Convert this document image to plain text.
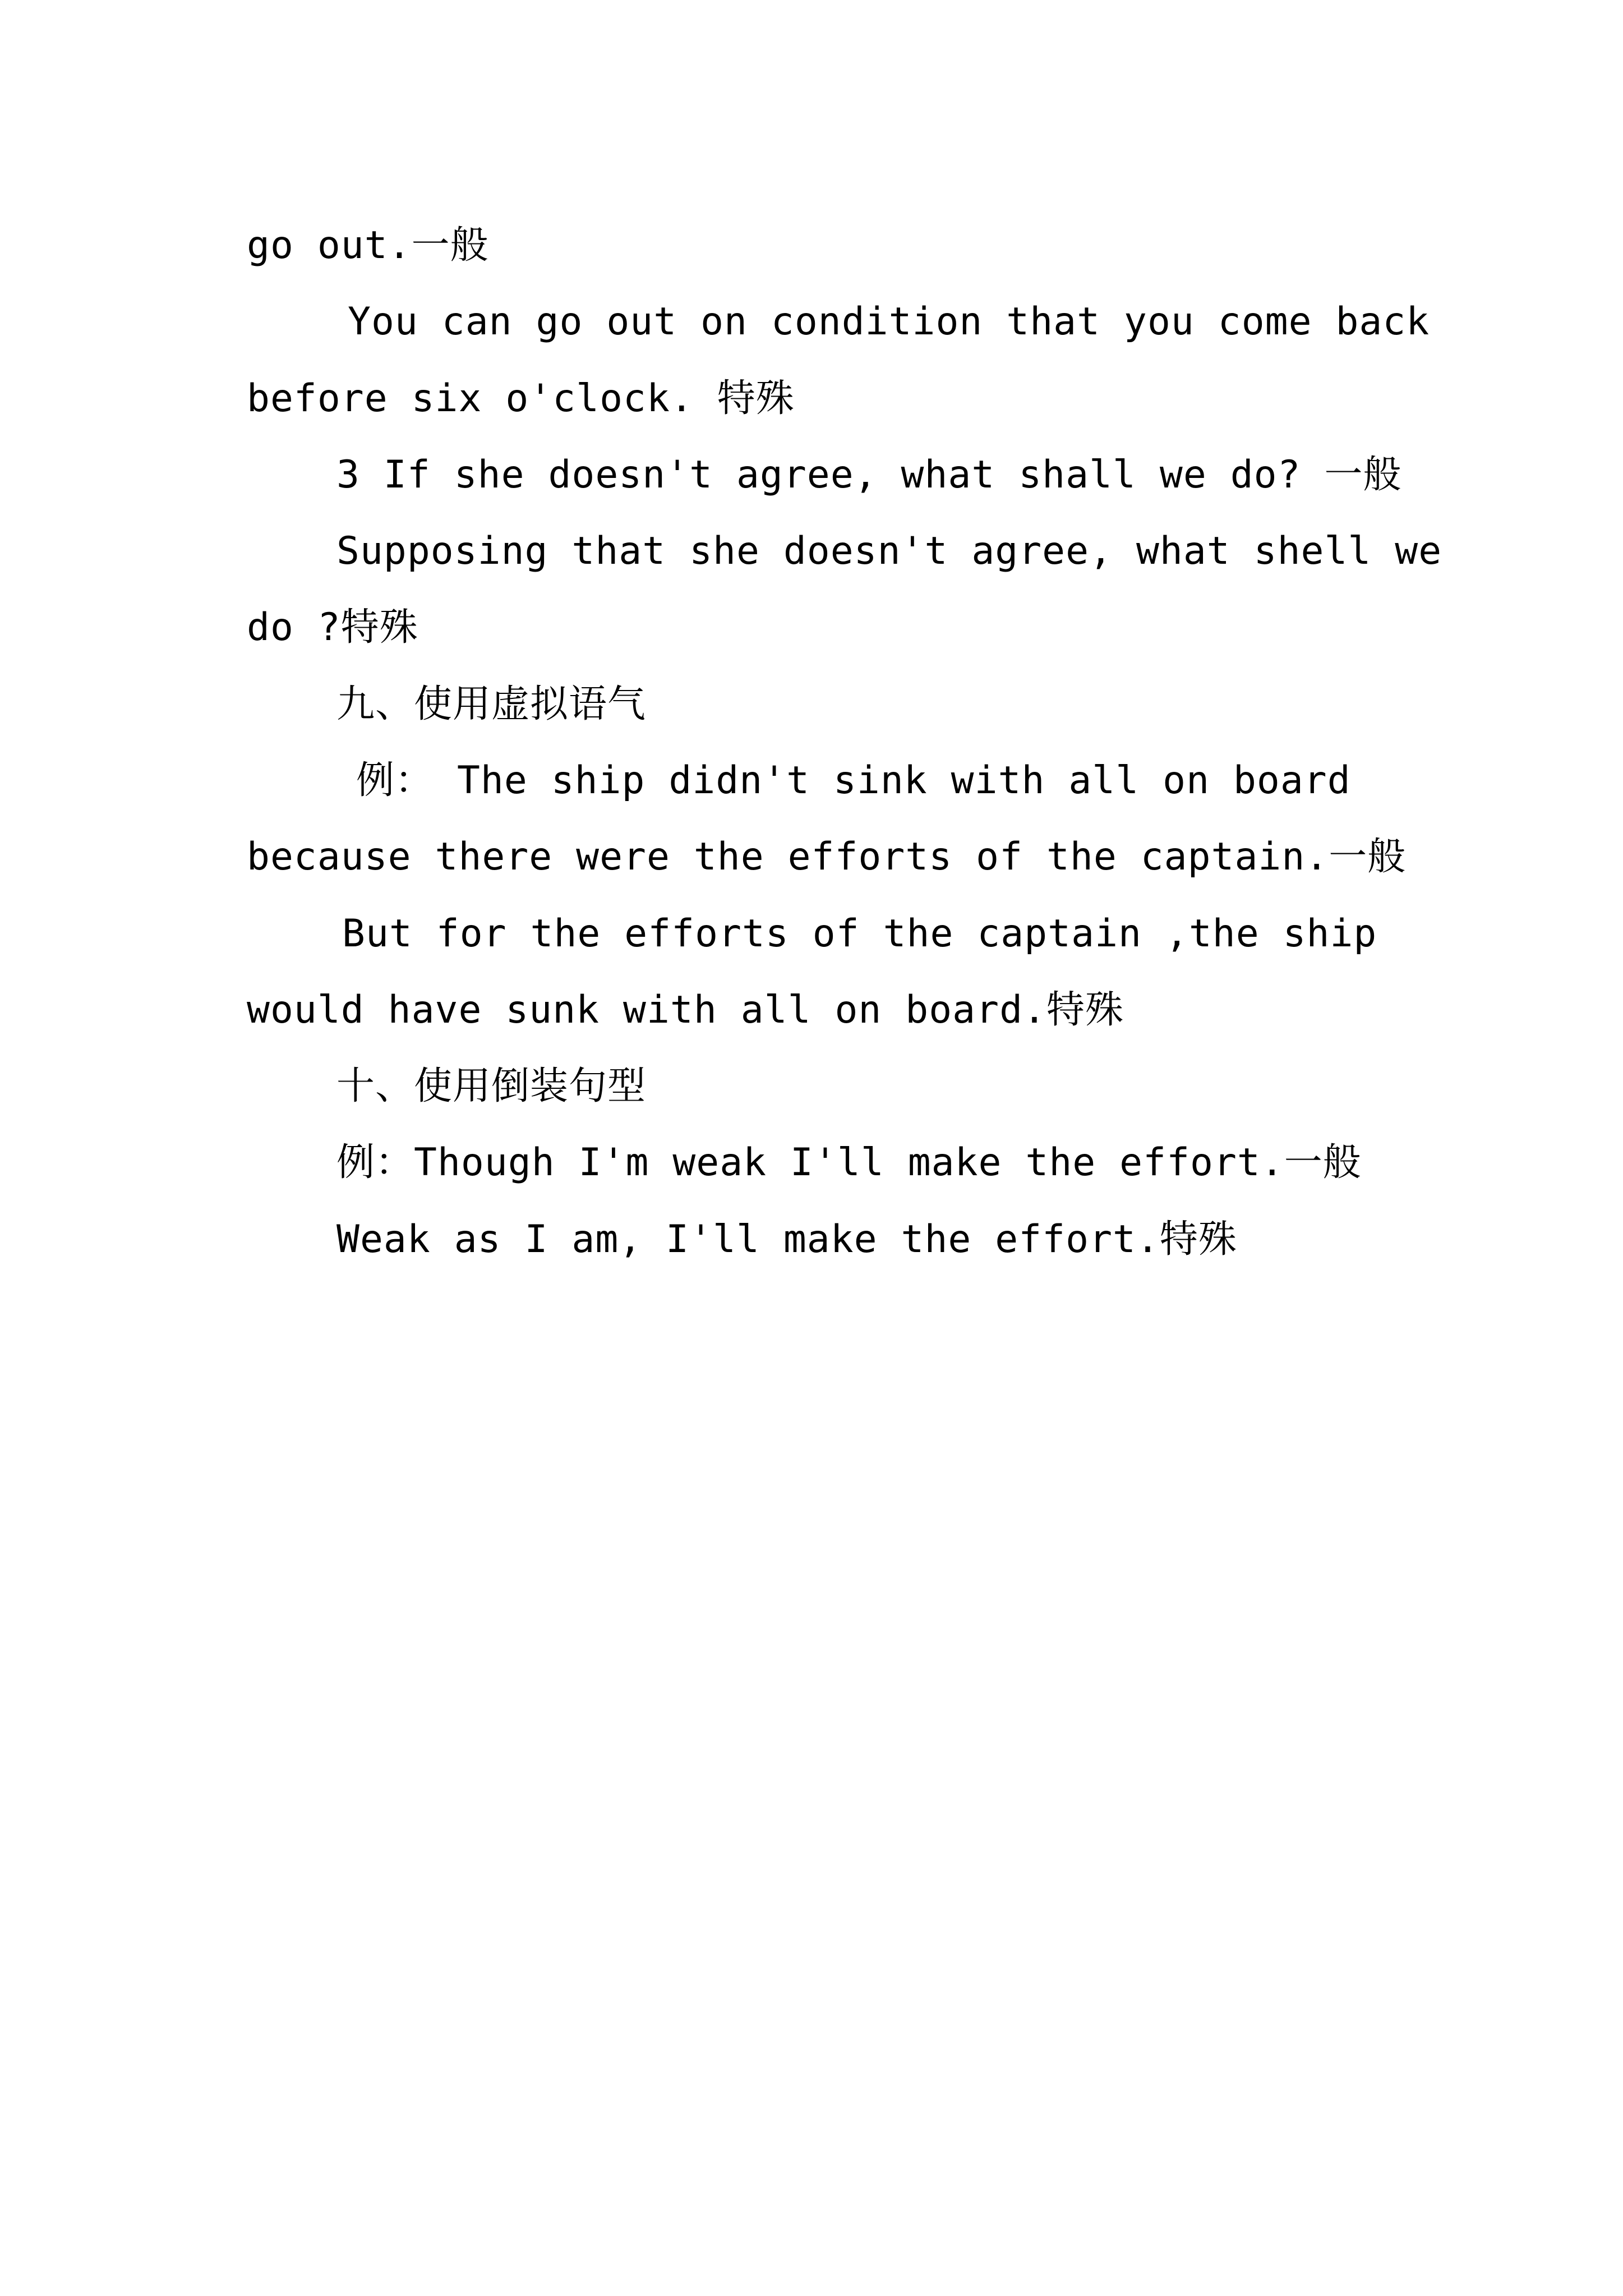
go out.一般
You can go out on condition that you come back
before six o'clock. 特殊
3 If she doesn't agree, what shall we do? 一般
Supposing that she doesn't agree, what shell we
do ?特殊
九、使用虚拟语气
例： The ship didn't sink with all on board
because there were the efforts of the captain.一般
But for the efforts of the captain ,the ship
would have sunk with all on board.特殊
十、使用倒装句型
例：Though I'm weak I'll make the effort.一般
Weak as I am, I'll make the effort.特殊
